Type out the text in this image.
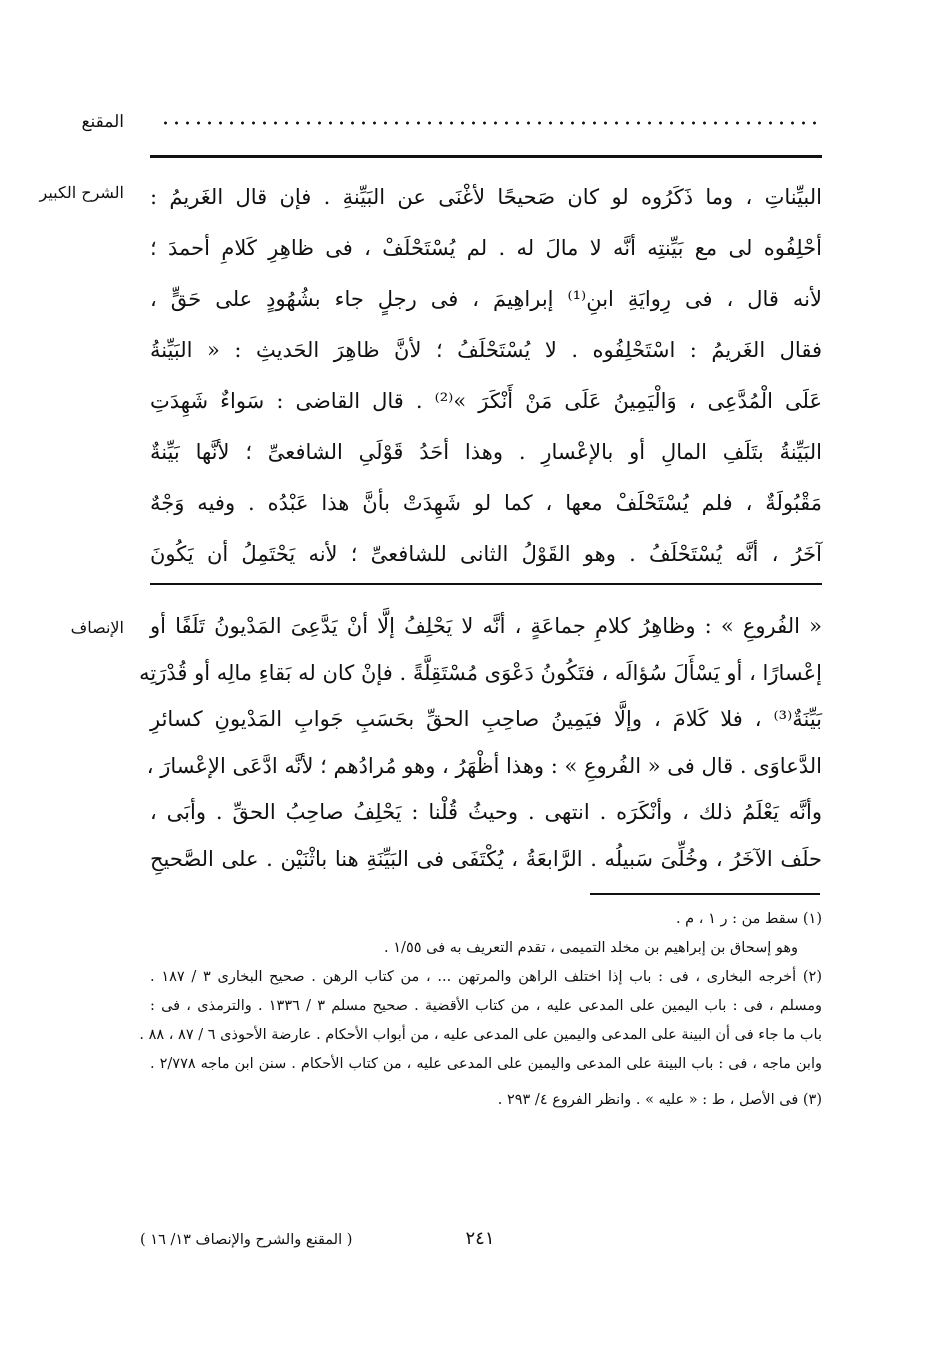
المقنع
الشرح الكبير البيِّناتِ ، وما ذَكَرُوه لو كان صَحيحًا لأغْنَى عن البَيِّنةِ . فإن قال الغَريمُ :
أحْلِفُوه لى مع بَيِّنتِه أنَّه لا مالَ له . لم يُسْتَحْلَفْ ، فى ظاهِرِ كَلامِ أحمدَ ؛
لأنه قال ، فى رِوايَةِ ابنِ⁽¹⁾ إبراهِيمَ ، فى رجلٍ جاء بشُهُودٍ على حَقٍّ ،
فقال الغَريمُ : اسْتَحْلِفُوه . لا يُسْتَحْلَفُ ؛ لأنَّ ظاهِرَ الحَديثِ : « البَيِّنةُ
عَلَى الْمُدَّعِى ، وَالْيَمِينُ عَلَى مَنْ أَنْكَرَ »⁽²⁾ . قال القاضى : سَواءٌ شَهِدَتِ
البَيِّنةُ بتَلَفِ المالِ أو بالإعْسارِ . وهذا أحَدُ قَوْلَىِ الشافعىِّ ؛ لأنَّها بَيِّنةٌ
مَقْبُولَةٌ ، فلم يُسْتَحْلَفْ معها ، كما لو شَهِدَتْ بأنَّ هذا عَبْدُه . وفيه وَجْهٌ
آخَرُ ، أنَّه يُسْتَحْلَفُ . وهو القَوْلُ الثانى للشافعىِّ ؛ لأنه يَحْتَمِلُ أن يَكُونَ
الإنصاف « الفُروعِ » : وظاهِرُ كلامِ جماعَةٍ ، أنَّه لا يَحْلِفُ إلَّا أنْ يَدَّعِىَ المَدْيونُ تَلَفًا أو
إعْسارًا ، أو يَسْأَلَ سُؤالَه ، فتَكُونُ دَعْوَى مُسْتَقِلَّةً . فإنْ كان له بَقاءِ مالِه أو قُدْرَتِه
بَيِّنَةٌ⁽³⁾ ، فلا كَلامَ ، وإلَّا فيَمِينُ صاحِبِ الحقِّ بحَسَبِ جَوابِ المَدْيونِ كسائرِ
الدَّعاوَى . قال فى « الفُروعِ » : وهذا أظْهَرُ ، وهو مُرادُهم ؛ لأنَّه ادَّعَى الإعْسارَ ،
وأنَّه يَعْلَمُ ذلك ، وأنْكَرَه . انتهى . وحيثُ قُلْنا : يَحْلِفُ صاحِبُ الحقِّ . وأبَى ،
حلَف الآخَرُ ، وخُلِّىَ سَبيلُه . الرَّابعَةُ ، يُكْتَفَى فى البَيِّنَةِ هنا باثْنَيْن . على الصَّحيحِ
(١) سقط من : ر ١ ، م .
وهو إسحاق بن إبراهيم بن مخلد التميمى ، تقدم التعريف به فى ١/٥٥ .
(٢) أخرجه البخارى ، فى : باب إذا اختلف الراهن والمرتهن ... ، من كتاب الرهن . صحيح البخارى ٣ / ١٨٧ .
ومسلم ، فى : باب اليمين على المدعى عليه ، من كتاب الأقضية . صحيح مسلم ٣ / ١٣٣٦ . والترمذى ، فى :
باب ما جاء فى أن البينة على المدعى واليمين على المدعى عليه ، من أبواب الأحكام . عارضة الأحوذى ٦ / ٨٧ ، ٨٨ .
وابن ماجه ، فى : باب البينة على المدعى واليمين على المدعى عليه ، من كتاب الأحكام . سنن ابن ماجه ٢/٧٧٨ .
(٣) فى الأصل ، ط : « عليه » . وانظر الفروع ٤/ ٢٩٣ .
٢٤١
( المقنع والشرح والإنصاف ١٣/ ١٦ )
